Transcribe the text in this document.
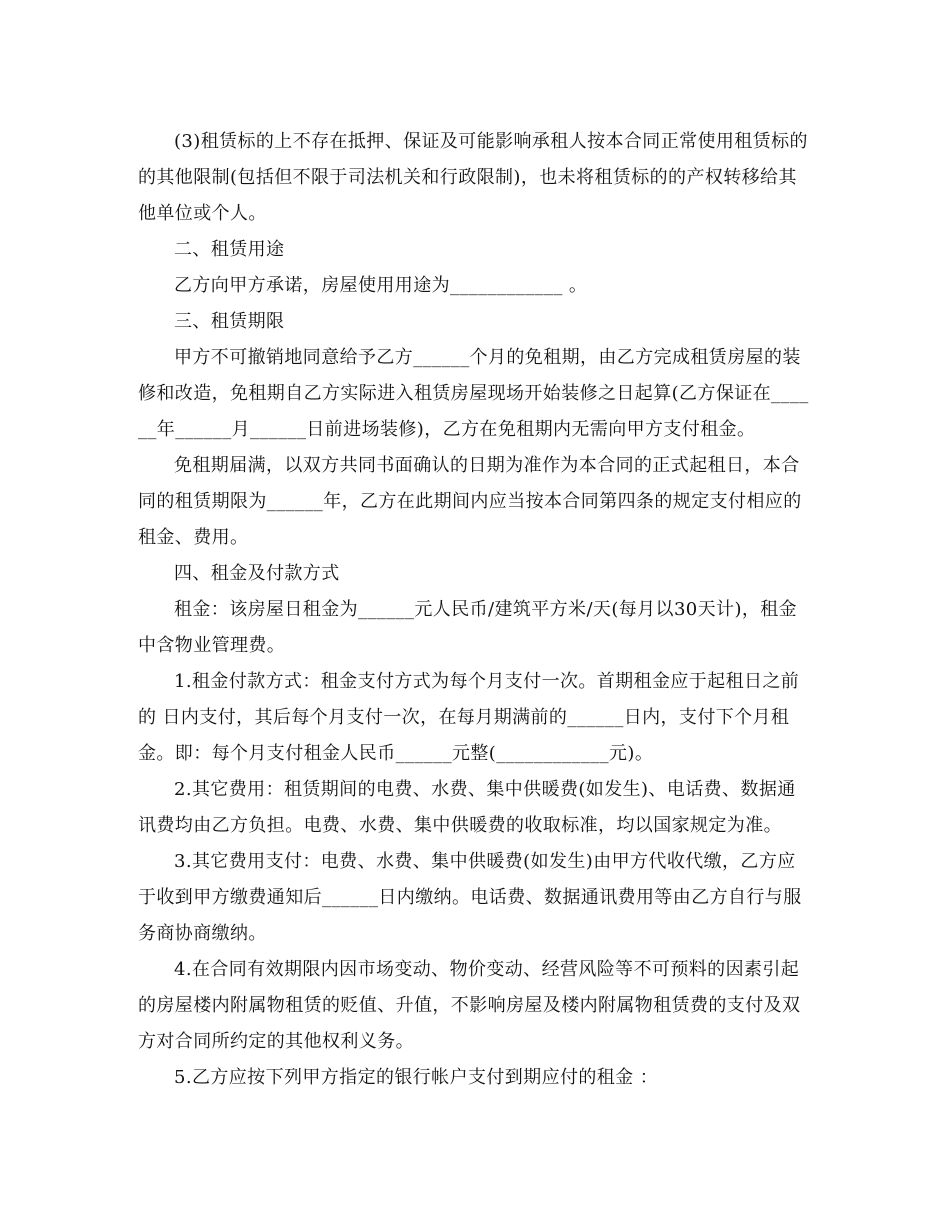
(3)租赁标的上不存在抵押、保证及可能影响承租人按本合同正常使用租赁标的的其他限制(包括但不限于司法机关和行政限制)，也未将租赁标的的产权转移给其他单位或个人。

二、租赁用途

乙方向甲方承诺，房屋使用用途为____________ 。

三、租赁期限

甲方不可撤销地同意给予乙方______个月的免租期，由乙方完成租赁房屋的装修和改造，免租期自乙方实际进入租赁房屋现场开始装修之日起算(乙方保证在______年______月______日前进场装修)，乙方在免租期内无需向甲方支付租金。

免租期届满，以双方共同书面确认的日期为准作为本合同的正式起租日，本合同的租赁期限为______年，乙方在此期间内应当按本合同第四条的规定支付相应的租金、费用。

四、租金及付款方式

租金：该房屋日租金为______元人民币/建筑平方米/天(每月以30天计)，租金中含物业管理费。

1.租金付款方式：租金支付方式为每个月支付一次。首期租金应于起租日之前的 日内支付，其后每个月支付一次，在每月期满前的______日内，支付下个月租金。即：每个月支付租金人民币______元整(____________元)。

2.其它费用：租赁期间的电费、水费、集中供暖费(如发生)、电话费、数据通讯费均由乙方负担。电费、水费、集中供暖费的收取标准，均以国家规定为准。

3.其它费用支付：电费、水费、集中供暖费(如发生)由甲方代收代缴，乙方应于收到甲方缴费通知后______日内缴纳。电话费、数据通讯费用等由乙方自行与服务商协商缴纳。

4.在合同有效期限内因市场变动、物价变动、经营风险等不可预料的因素引起的房屋楼内附属物租赁的贬值、升值，不影响房屋及楼内附属物租赁费的支付及双方对合同所约定的其他权利义务。

5.乙方应按下列甲方指定的银行帐户支付到期应付的租金 ：
